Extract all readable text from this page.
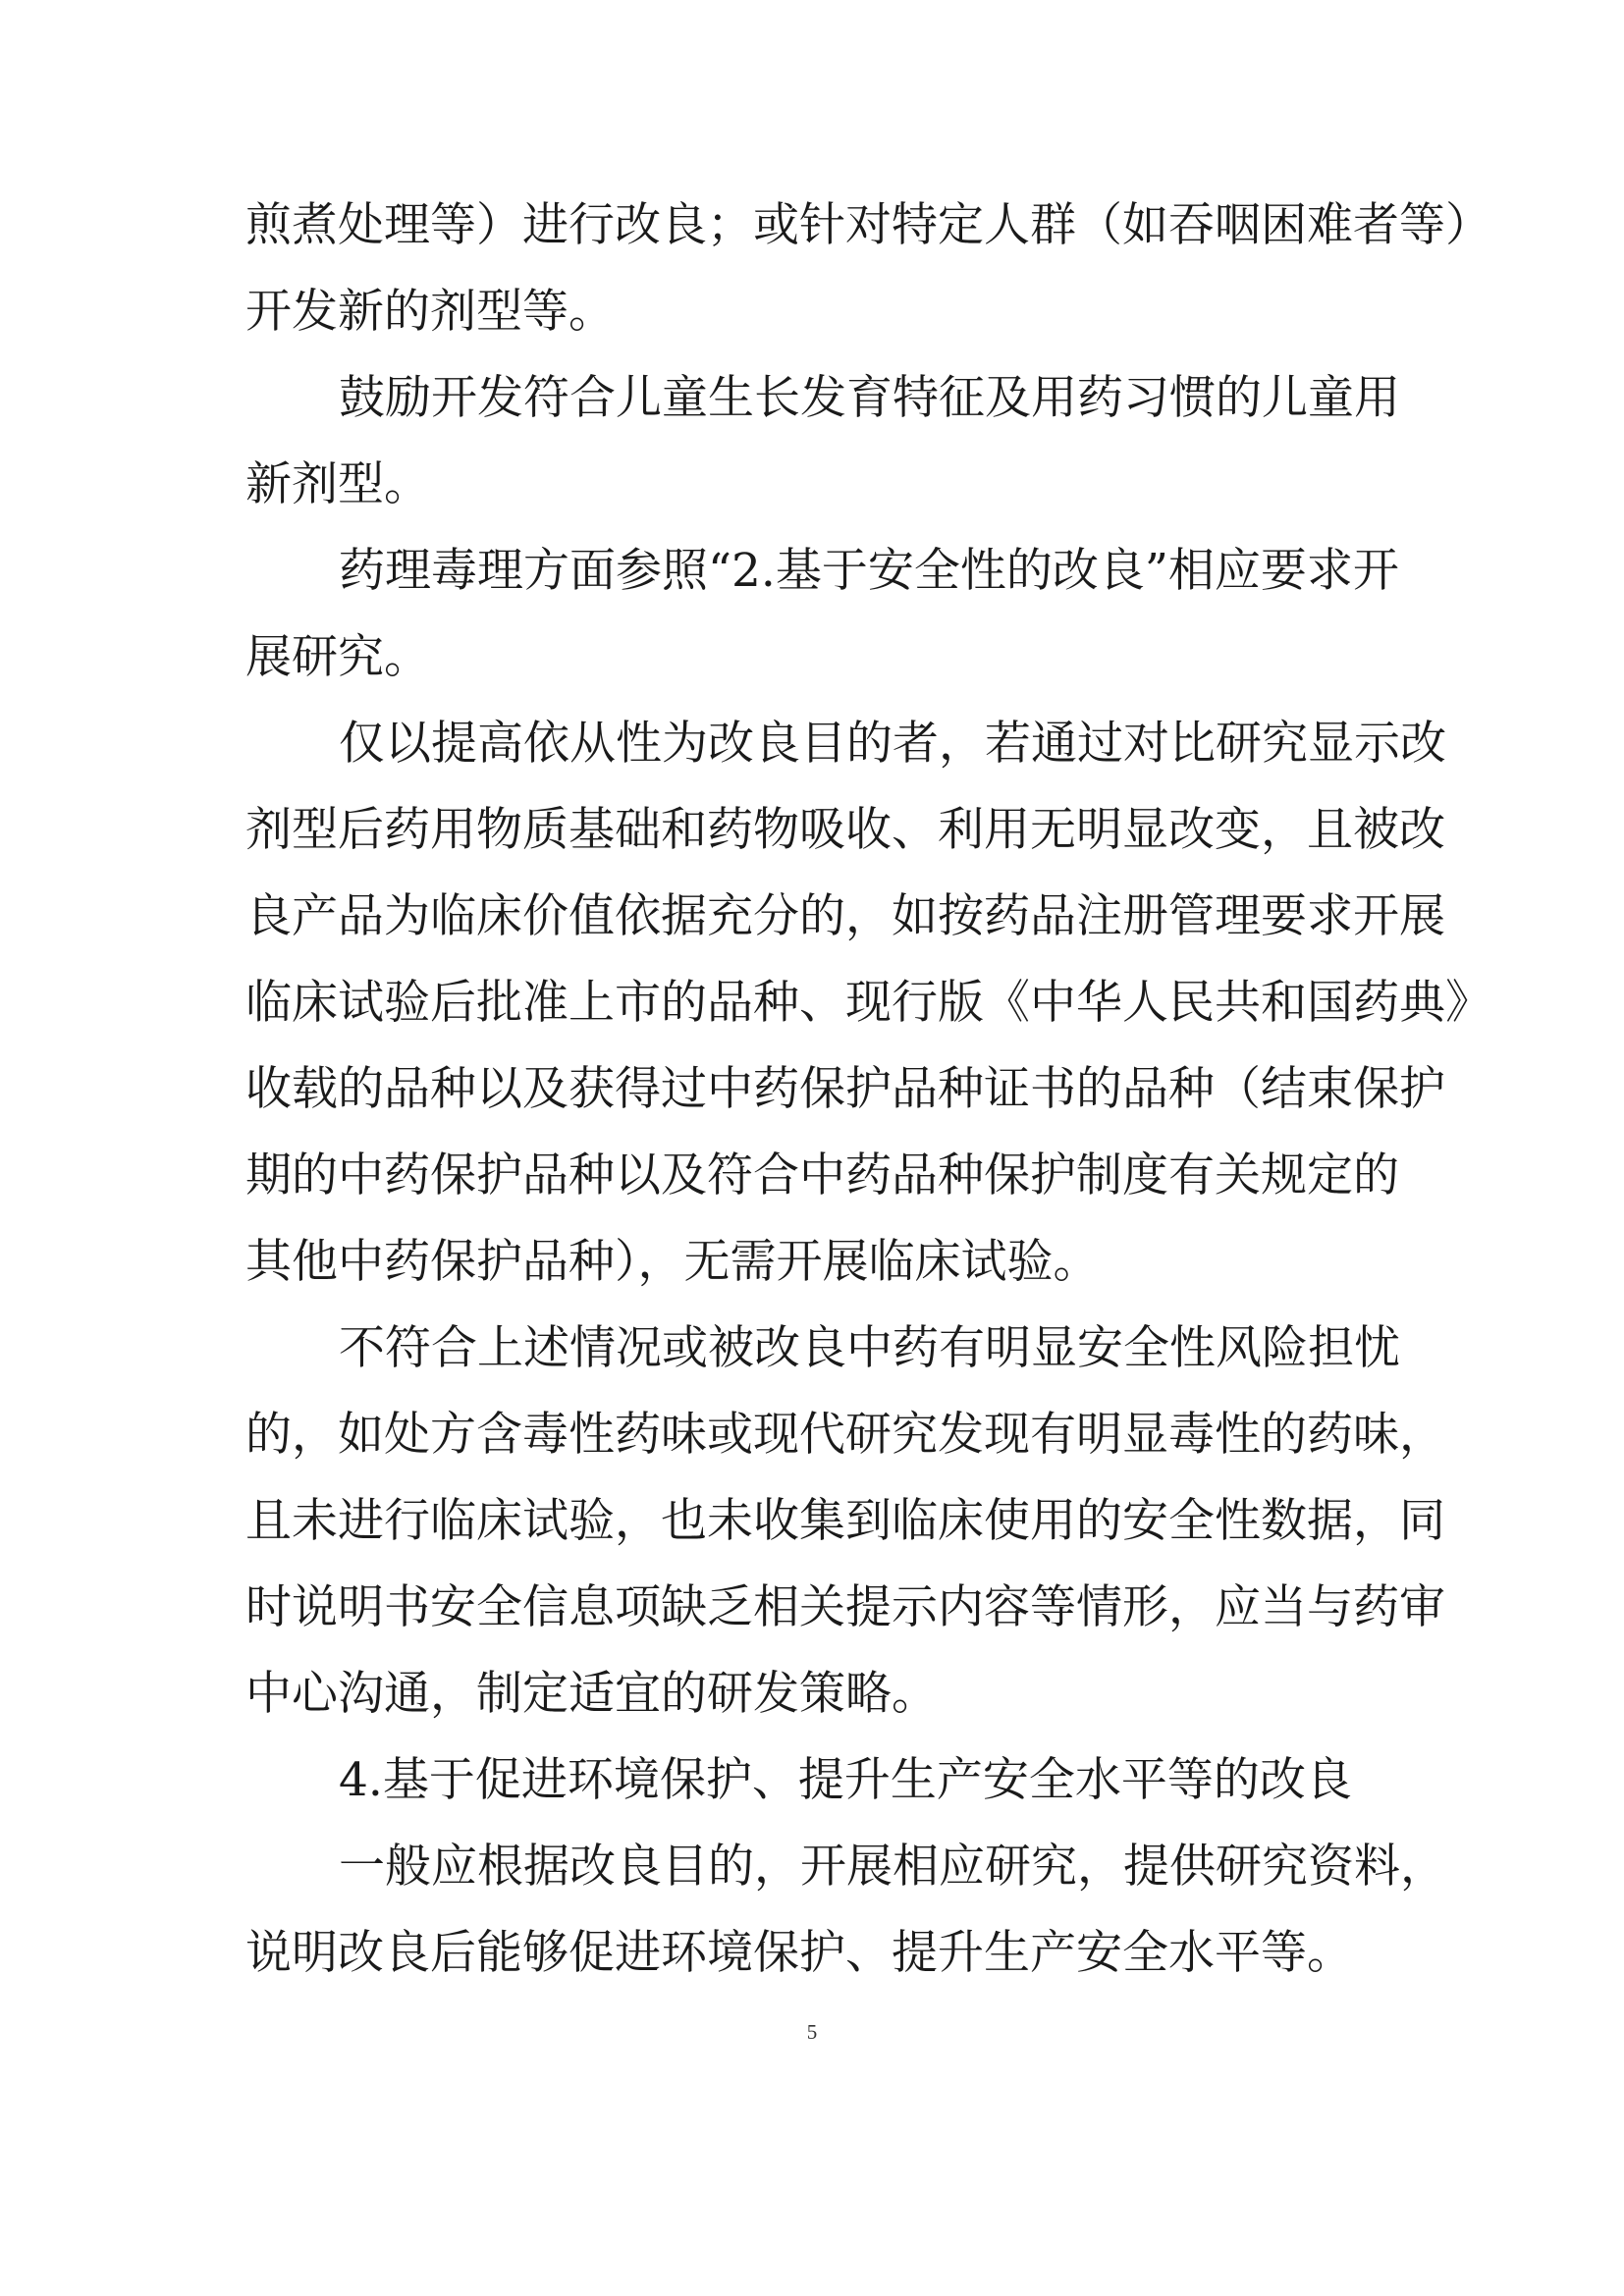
煎煮处理等）进行改良；或针对特定人群（如吞咽困难者等）
开发新的剂型等。
鼓励开发符合儿童生长发育特征及用药习惯的儿童用
新剂型。
药理毒理方面参照“2.基于安全性的改良”相应要求开
展研究。
仅以提高依从性为改良目的者，若通过对比研究显示改
剂型后药用物质基础和药物吸收、利用无明显改变，且被改
良产品为临床价值依据充分的，如按药品注册管理要求开展
临床试验后批准上市的品种、现行版《中华人民共和国药典》
收载的品种以及获得过中药保护品种证书的品种（结束保护
期的中药保护品种以及符合中药品种保护制度有关规定的
其他中药保护品种），无需开展临床试验。
不符合上述情况或被改良中药有明显安全性风险担忧
的，如处方含毒性药味或现代研究发现有明显毒性的药味，
且未进行临床试验，也未收集到临床使用的安全性数据，同
时说明书安全信息项缺乏相关提示内容等情形，应当与药审
中心沟通，制定适宜的研发策略。
4.基于促进环境保护、提升生产安全水平等的改良
一般应根据改良目的，开展相应研究，提供研究资料，
说明改良后能够促进环境保护、提升生产安全水平等。
5
